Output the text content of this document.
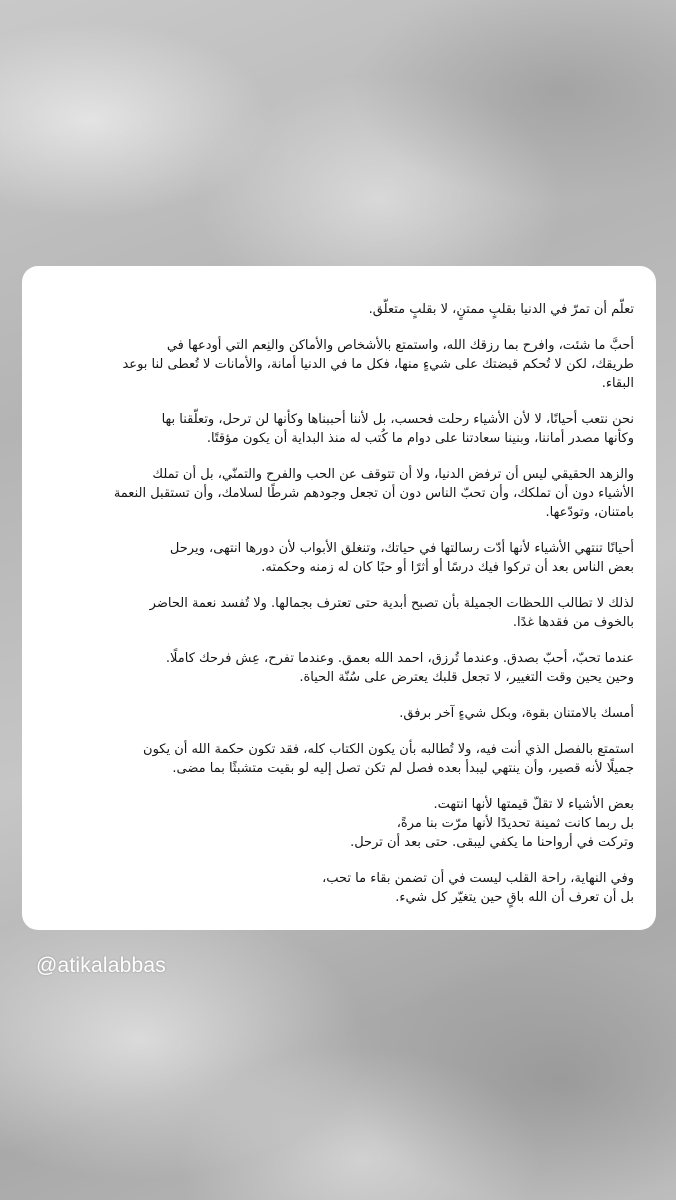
تعلّم أن تمرّ في الدنيا بقلبٍ ممتنٍ، لا بقلبٍ متعلّق.

أحبَّ ما شئت، وافرح بما رزقك الله، واستمتع بالأشخاص والأماكن والنِعم التي أودعها في
طريقك، لكن لا تُحكم قبضتك على شيءٍ منها، فكل ما في الدنيا أمانة، والأمانات لا تُعطى لنا بوعد
البقاء.

نحن نتعب أحيانًا، لا لأن الأشياء رحلت فحسب، بل لأننا أحببناها وكأنها لن ترحل، وتعلّقنا بها
وكأنها مصدر أماننا، وبنينا سعادتنا على دوام ما كُتب له منذ البداية أن يكون مؤقتًا.

والزهد الحقيقي ليس أن ترفض الدنيا، ولا أن تتوقف عن الحب والفرح والتمنّي، بل أن تملك
الأشياء دون أن تملكك، وأن تحبّ الناس دون أن تجعل وجودهم شرطًا لسلامك، وأن تستقبل النعمة
بامتنان، وتودّعها.

أحيانًا تنتهي الأشياء لأنها أدّت رسالتها في حياتك، وتنغلق الأبواب لأن دورها انتهى، ويرحل
بعض الناس بعد أن تركوا فيك درسًا أو أثرًا أو حبًا كان له زمنه وحكمته.

لذلك لا تطالب اللحظات الجميلة بأن تصبح أبدية حتى تعترف بجمالها. ولا تُفسد نعمة الحاضر
بالخوف من فقدها غدًا.

عندما تحبّ، أحبّ بصدق. وعندما تُرزق، احمد الله بعمق. وعندما تفرح، عِش فرحك كاملًا.
وحين يحين وقت التغيير، لا تجعل قلبك يعترض على سُنّة الحياة.

أمسك بالامتنان بقوة، وبكل شيءٍ آخر برفق.

استمتع بالفصل الذي أنت فيه، ولا تُطالبه بأن يكون الكتاب كله، فقد تكون حكمة الله أن يكون
جميلًا لأنه قصير، وأن ينتهي ليبدأ بعده فصل لم تكن تصل إليه لو بقيت متشبثًا بما مضى.

بعض الأشياء لا تقلّ قيمتها لأنها انتهت.
بل ربما كانت ثمينة تحديدًا لأنها مرّت بنا مرةً،
وتركت في أرواحنا ما يكفي ليبقى. حتى بعد أن ترحل.

وفي النهاية، راحة القلب ليست في أن تضمن بقاء ما تحب،
بل أن تعرف أن الله باقٍ حين يتغيّر كل شيء.

@atikalabbas
